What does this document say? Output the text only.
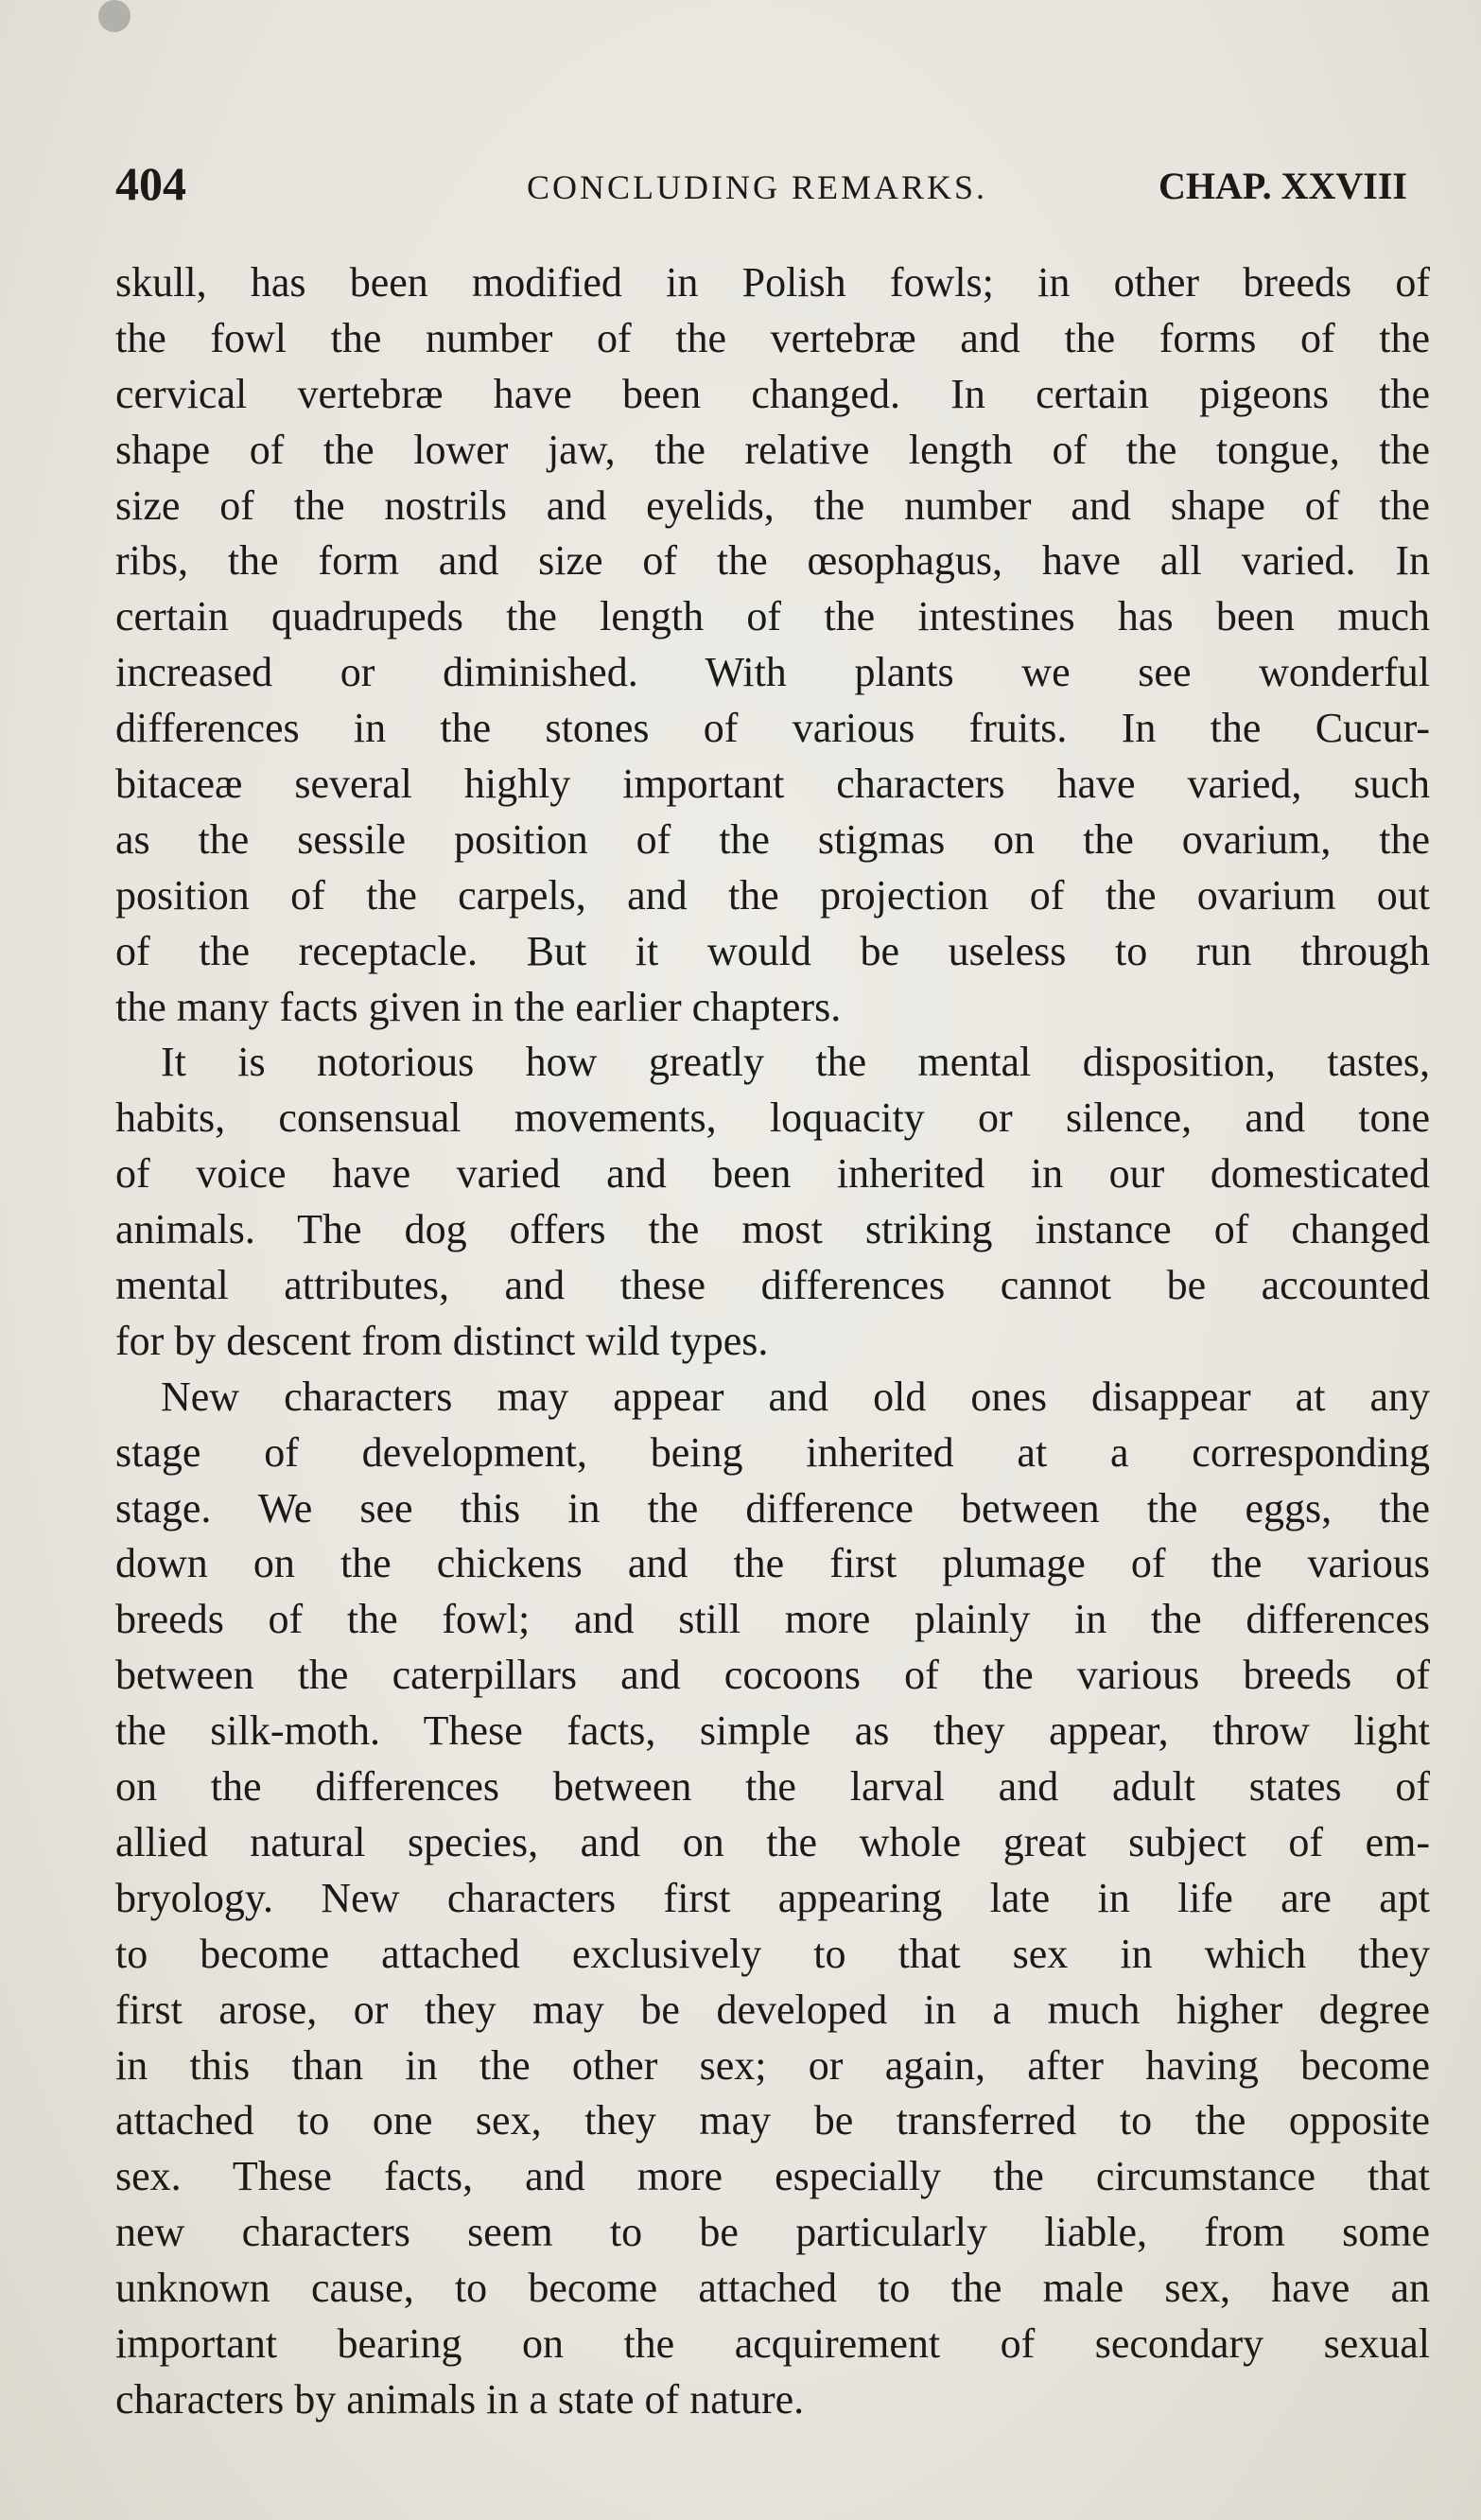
404	CONCLUDING REMARKS.	CHAP. XXVIII
skull, has been modified in Polish fowls; in other breeds of
the fowl the number of the vertebræ and the forms of the
cervical vertebræ have been changed. In certain pigeons the
shape of the lower jaw, the relative length of the tongue, the
size of the nostrils and eyelids, the number and shape of the
ribs, the form and size of the œsophagus, have all varied. In
certain quadrupeds the length of the intestines has been much
increased or diminished. With plants we see wonderful
differences in the stones of various fruits. In the Cucur-
bitaceæ several highly important characters have varied, such
as the sessile position of the stigmas on the ovarium, the
position of the carpels, and the projection of the ovarium out
of the receptacle. But it would be useless to run through
the many facts given in the earlier chapters.
It is notorious how greatly the mental disposition, tastes,
habits, consensual movements, loquacity or silence, and tone
of voice have varied and been inherited in our domesticated
animals. The dog offers the most striking instance of changed
mental attributes, and these differences cannot be accounted
for by descent from distinct wild types.
New characters may appear and old ones disappear at any
stage of development, being inherited at a corresponding
stage. We see this in the difference between the eggs, the
down on the chickens and the first plumage of the various
breeds of the fowl; and still more plainly in the differences
between the caterpillars and cocoons of the various breeds of
the silk-moth. These facts, simple as they appear, throw light
on the differences between the larval and adult states of
allied natural species, and on the whole great subject of em-
bryology. New characters first appearing late in life are apt
to become attached exclusively to that sex in which they
first arose, or they may be developed in a much higher degree
in this than in the other sex; or again, after having become
attached to one sex, they may be transferred to the opposite
sex. These facts, and more especially the circumstance that
new characters seem to be particularly liable, from some
unknown cause, to become attached to the male sex, have an
important bearing on the acquirement of secondary sexual
characters by animals in a state of nature.
